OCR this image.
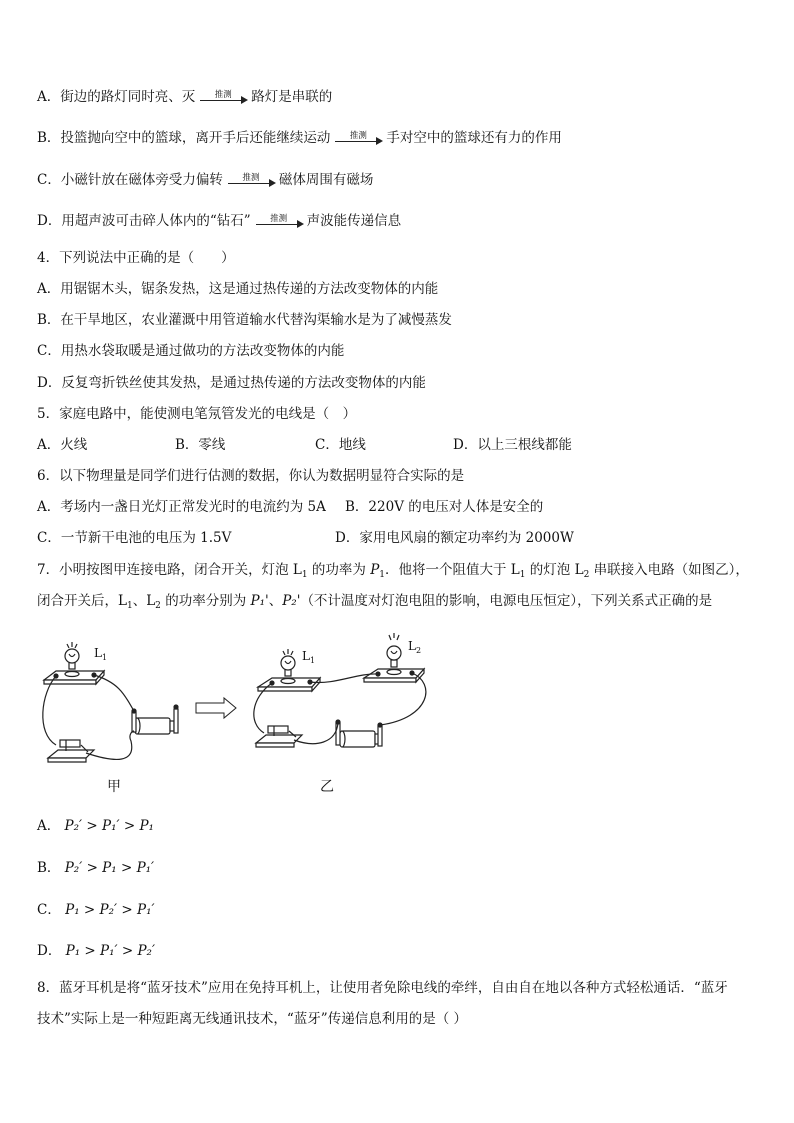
A．街边的路灯同时亮、灭	推测	路灯是串联的
B．投篮抛向空中的篮球，离开手后还能继续运动	推测	手对空中的篮球还有力的作用
C．小磁针放在磁体旁受力偏转	推测	磁体周围有磁场
D．用超声波可击碎人体内的“钻石”	推测	声波能传递信息
4．下列说法中正确的是（　　）
A．用锯锯木头，锯条发热，这是通过热传递的方法改变物体的内能
B．在干旱地区，农业灌溉中用管道输水代替沟渠输水是为了减慢蒸发
C．用热水袋取暖是通过做功的方法改变物体的内能
D．反复弯折铁丝使其发热，是通过热传递的方法改变物体的内能
5．家庭电路中，能使测电笔氖管发光的电线是（　）
A．火线	B．零线	C．地线	D．以上三根线都能
6．以下物理量是同学们进行估测的数据，你认为数据明显符合实际的是
A．考场内一盏日光灯正常发光时的电流约为 5A B．220V 的电压对人体是安全的
C．一节新干电池的电压为 1.5V	D．家用电风扇的额定功率约为 2000W
7．小明按图甲连接电路，闭合开关，灯泡 $L_1$ 的功率为 $P_1$．他将一个阻值大于 $L_1$ 的灯泡 $L_2$ 串联接入电路（如图乙），
闭合开关后，$L_1$、$L_2$ 的功率分别为 P₁'、P₂'（不计温度对灯泡电阻的影响，电源电压恒定），下列关系式正确的是
$L_1$	$L_1$
$L_2$
甲	乙
A． P₂′ > P₁′ > P₁
B． P₂′ > P₁ > P₁′
C． P₁ > P₂′ > P₁′
D． P₁ > P₁′ > P₂′
8．蓝牙耳机是将“蓝牙技术”应用在免持耳机上，让使用者免除电线的牵绊，自由自在地以各种方式轻松通话．“蓝牙
技术”实际上是一种短距离无线通讯技术，“蓝牙”传递信息利用的是（ ）
